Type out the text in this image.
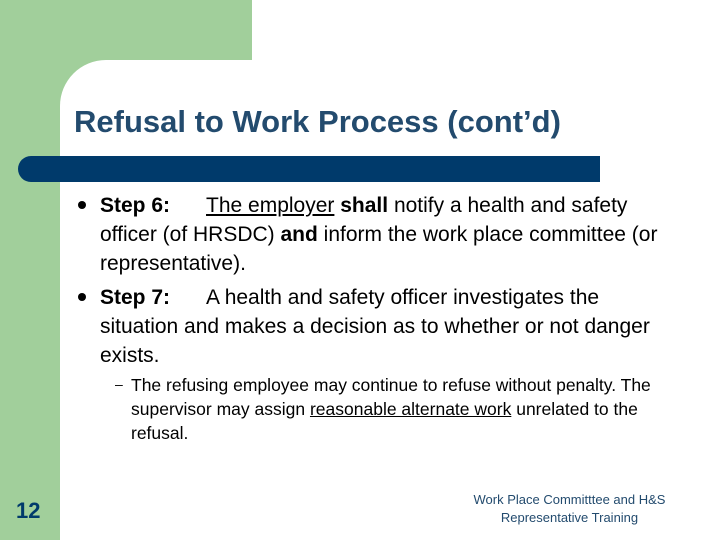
Refusal to Work Process (cont’d)
Step 6: The employer shall notify a health and safety officer (of HRSDC) and inform the work place committee (or representative).
Step 7: A health and safety officer investigates the situation and makes a decision as to whether or not danger exists.
– The refusing employee may continue to refuse without penalty. The supervisor may assign reasonable alternate work unrelated to the refusal.
12	Work Place Committtee and H&S
Representative Training
